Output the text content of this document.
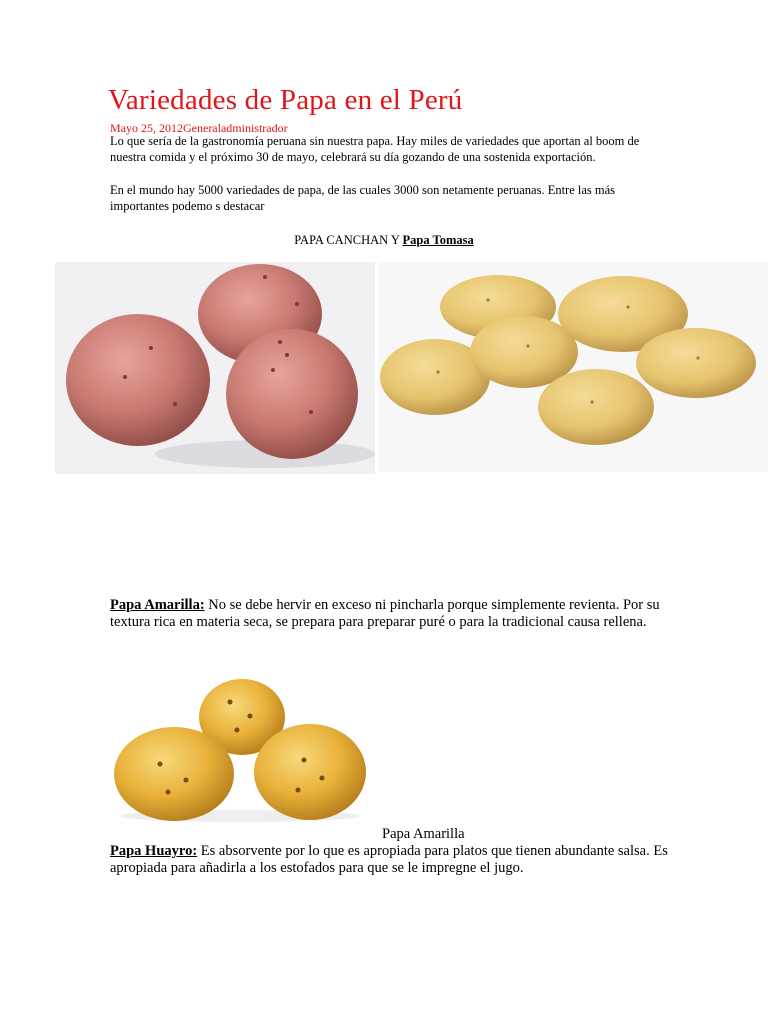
Variedades de Papa en el Perú
Mayo 25, 2012Generaladministrador

Lo que sería de la gastronomía peruana sin nuestra papa. Hay miles de variedades que aportan al boom de nuestra comida y el próximo 30 de mayo, celebrará su día gozando de una sostenida exportación.

En el mundo hay 5000 variedades de papa, de las cuales 3000 son netamente peruanas. Entre las más importantes podemo s destacar

PAPA CANCHAN Y Papa Tomasa

Papa Amarilla: No se debe hervir en exceso ni pincharla porque simplemente revienta. Por su textura rica en materia seca, se prepara para preparar puré o para la tradicional causa rellena.

Papa Amarilla

Papa Huayro: Es absorvente por lo que es apropiada para platos que tienen abundante salsa. Es apropiada para añadirla a los estofados para que se le impregne el jugo.
